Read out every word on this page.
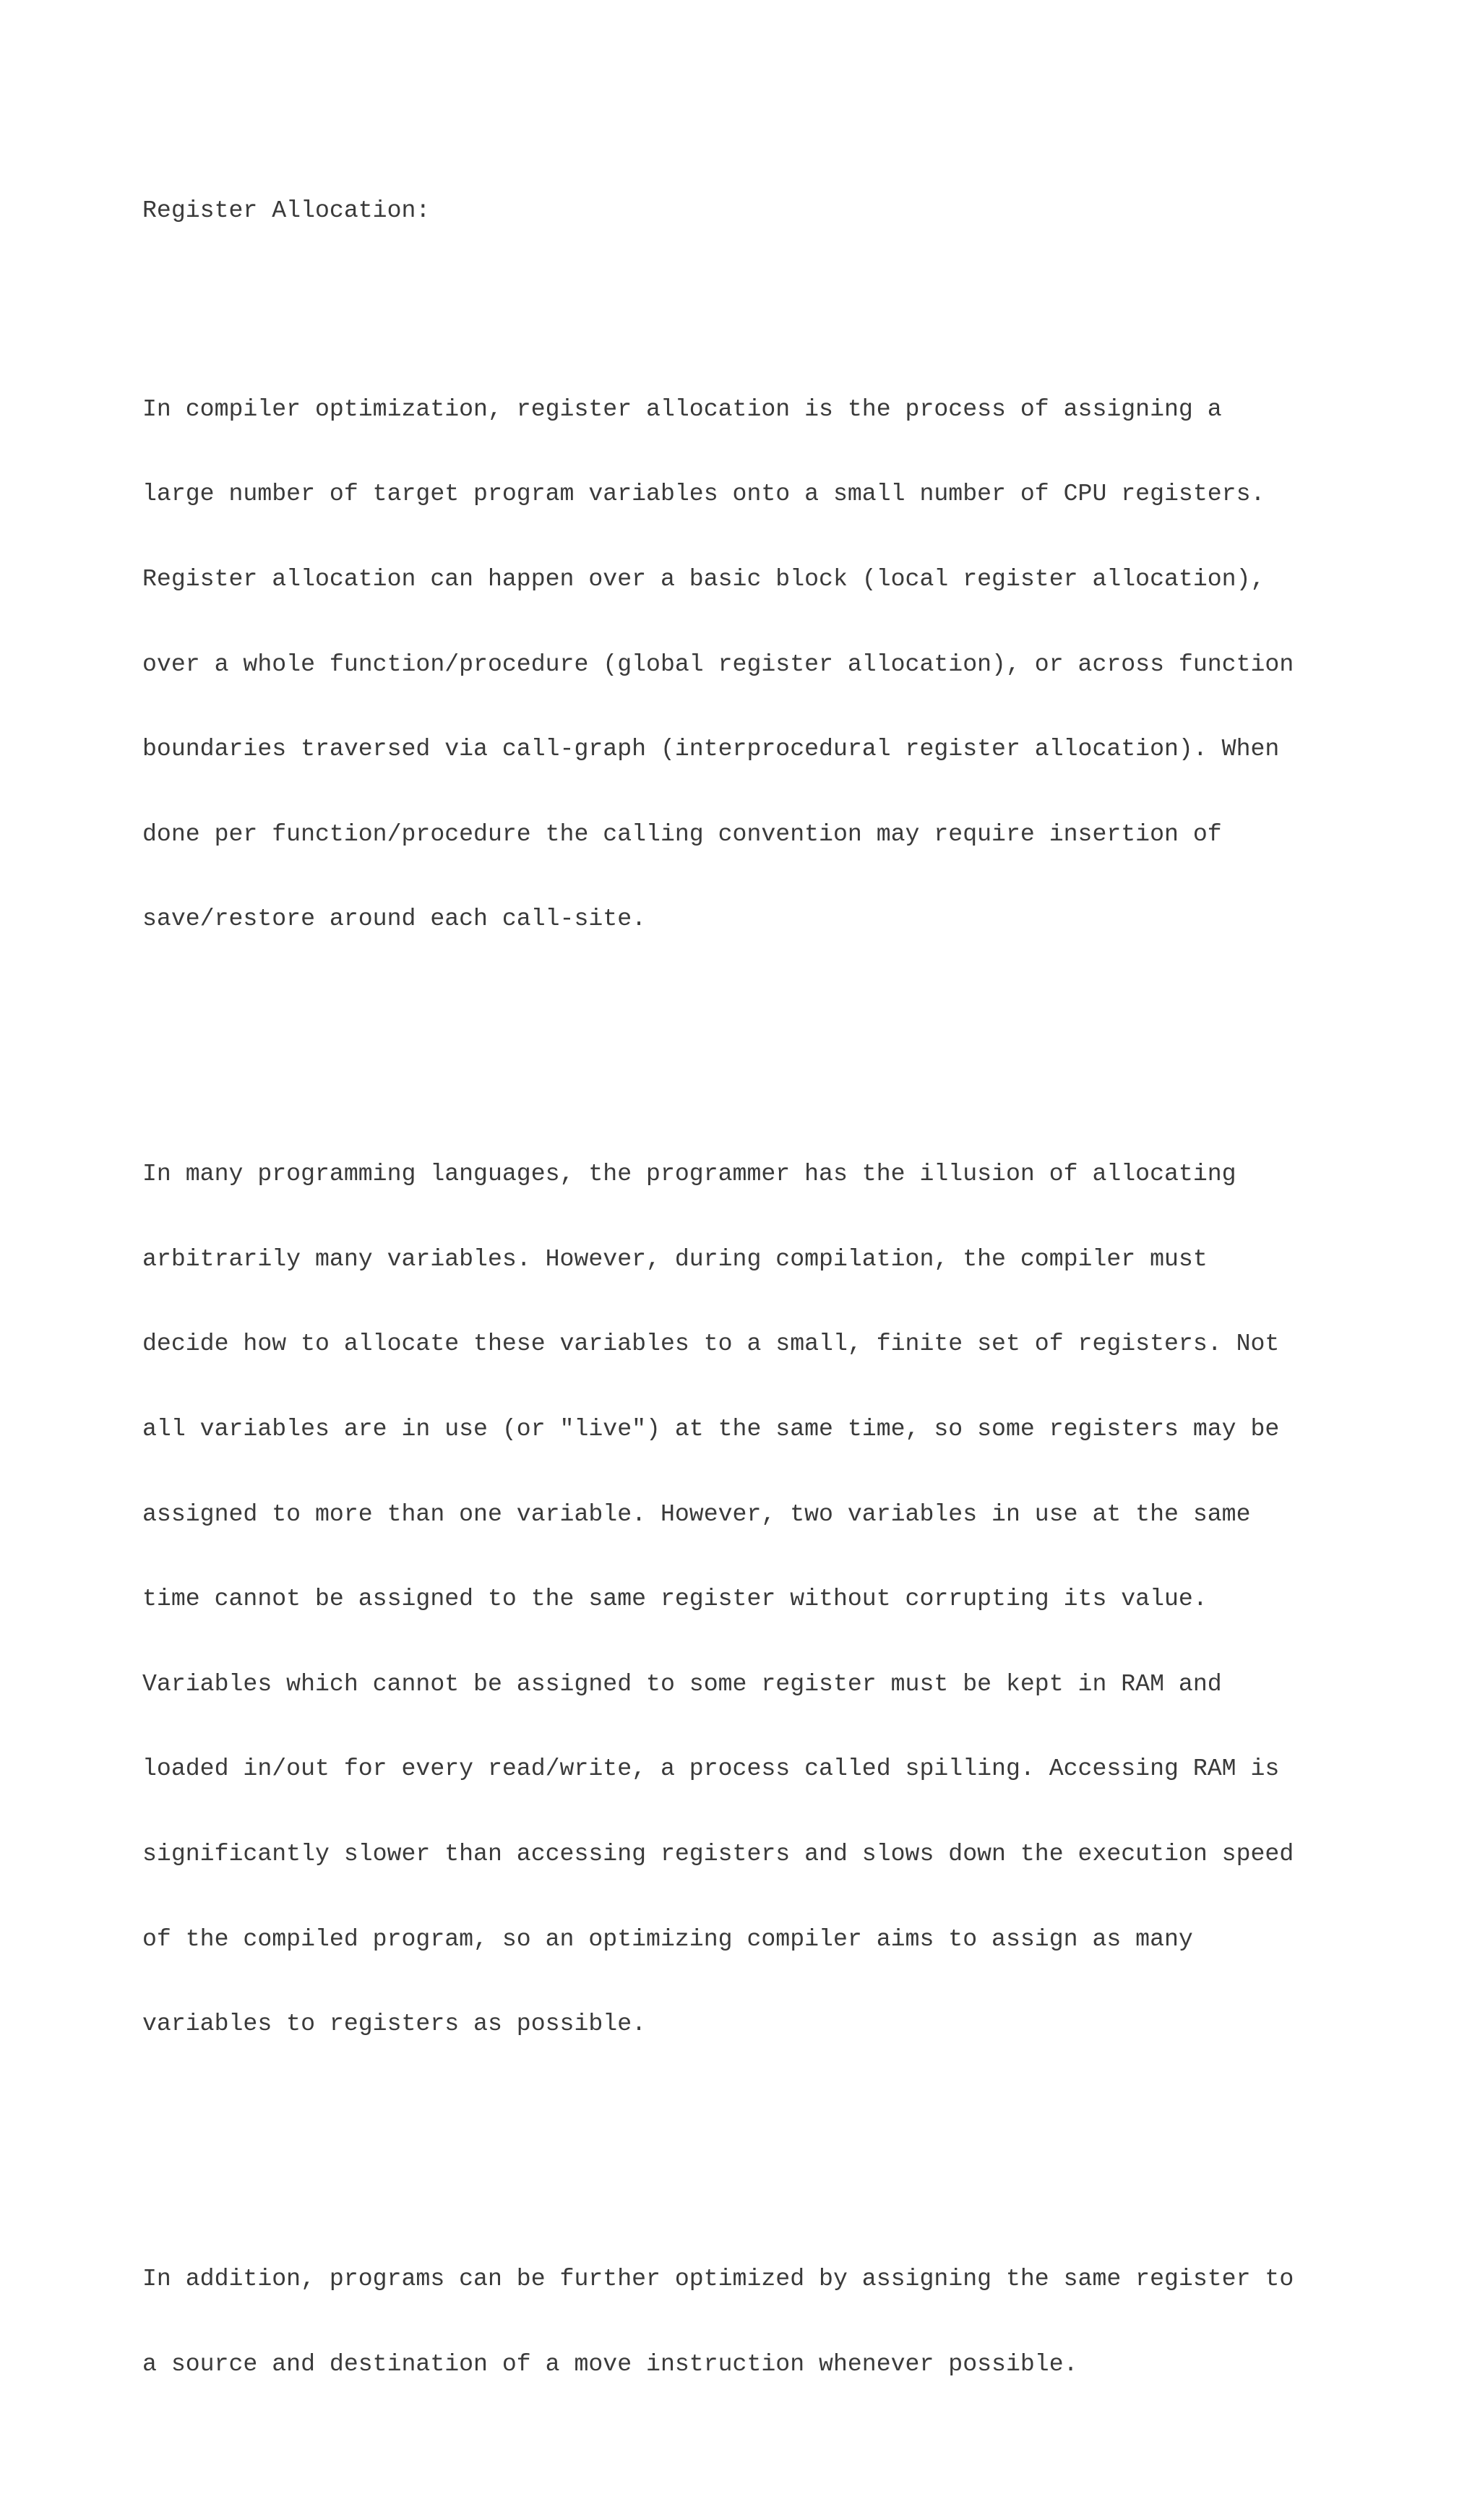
Register Allocation:

In compiler optimization, register allocation is the process of assigning a

large number of target program variables onto a small number of CPU registers.

Register allocation can happen over a basic block (local register allocation),

over a whole function/procedure (global register allocation), or across function

boundaries traversed via call-graph (interprocedural register allocation). When

done per function/procedure the calling convention may require insertion of

save/restore around each call-site.

In many programming languages, the programmer has the illusion of allocating

arbitrarily many variables. However, during compilation, the compiler must

decide how to allocate these variables to a small, finite set of registers. Not

all variables are in use (or "live") at the same time, so some registers may be

assigned to more than one variable. However, two variables in use at the same

time cannot be assigned to the same register without corrupting its value.

Variables which cannot be assigned to some register must be kept in RAM and

loaded in/out for every read/write, a process called spilling. Accessing RAM is

significantly slower than accessing registers and slows down the execution speed

of the compiled program, so an optimizing compiler aims to assign as many

variables to registers as possible.

In addition, programs can be further optimized by assigning the same register to

a source and destination of a move instruction whenever possible.
